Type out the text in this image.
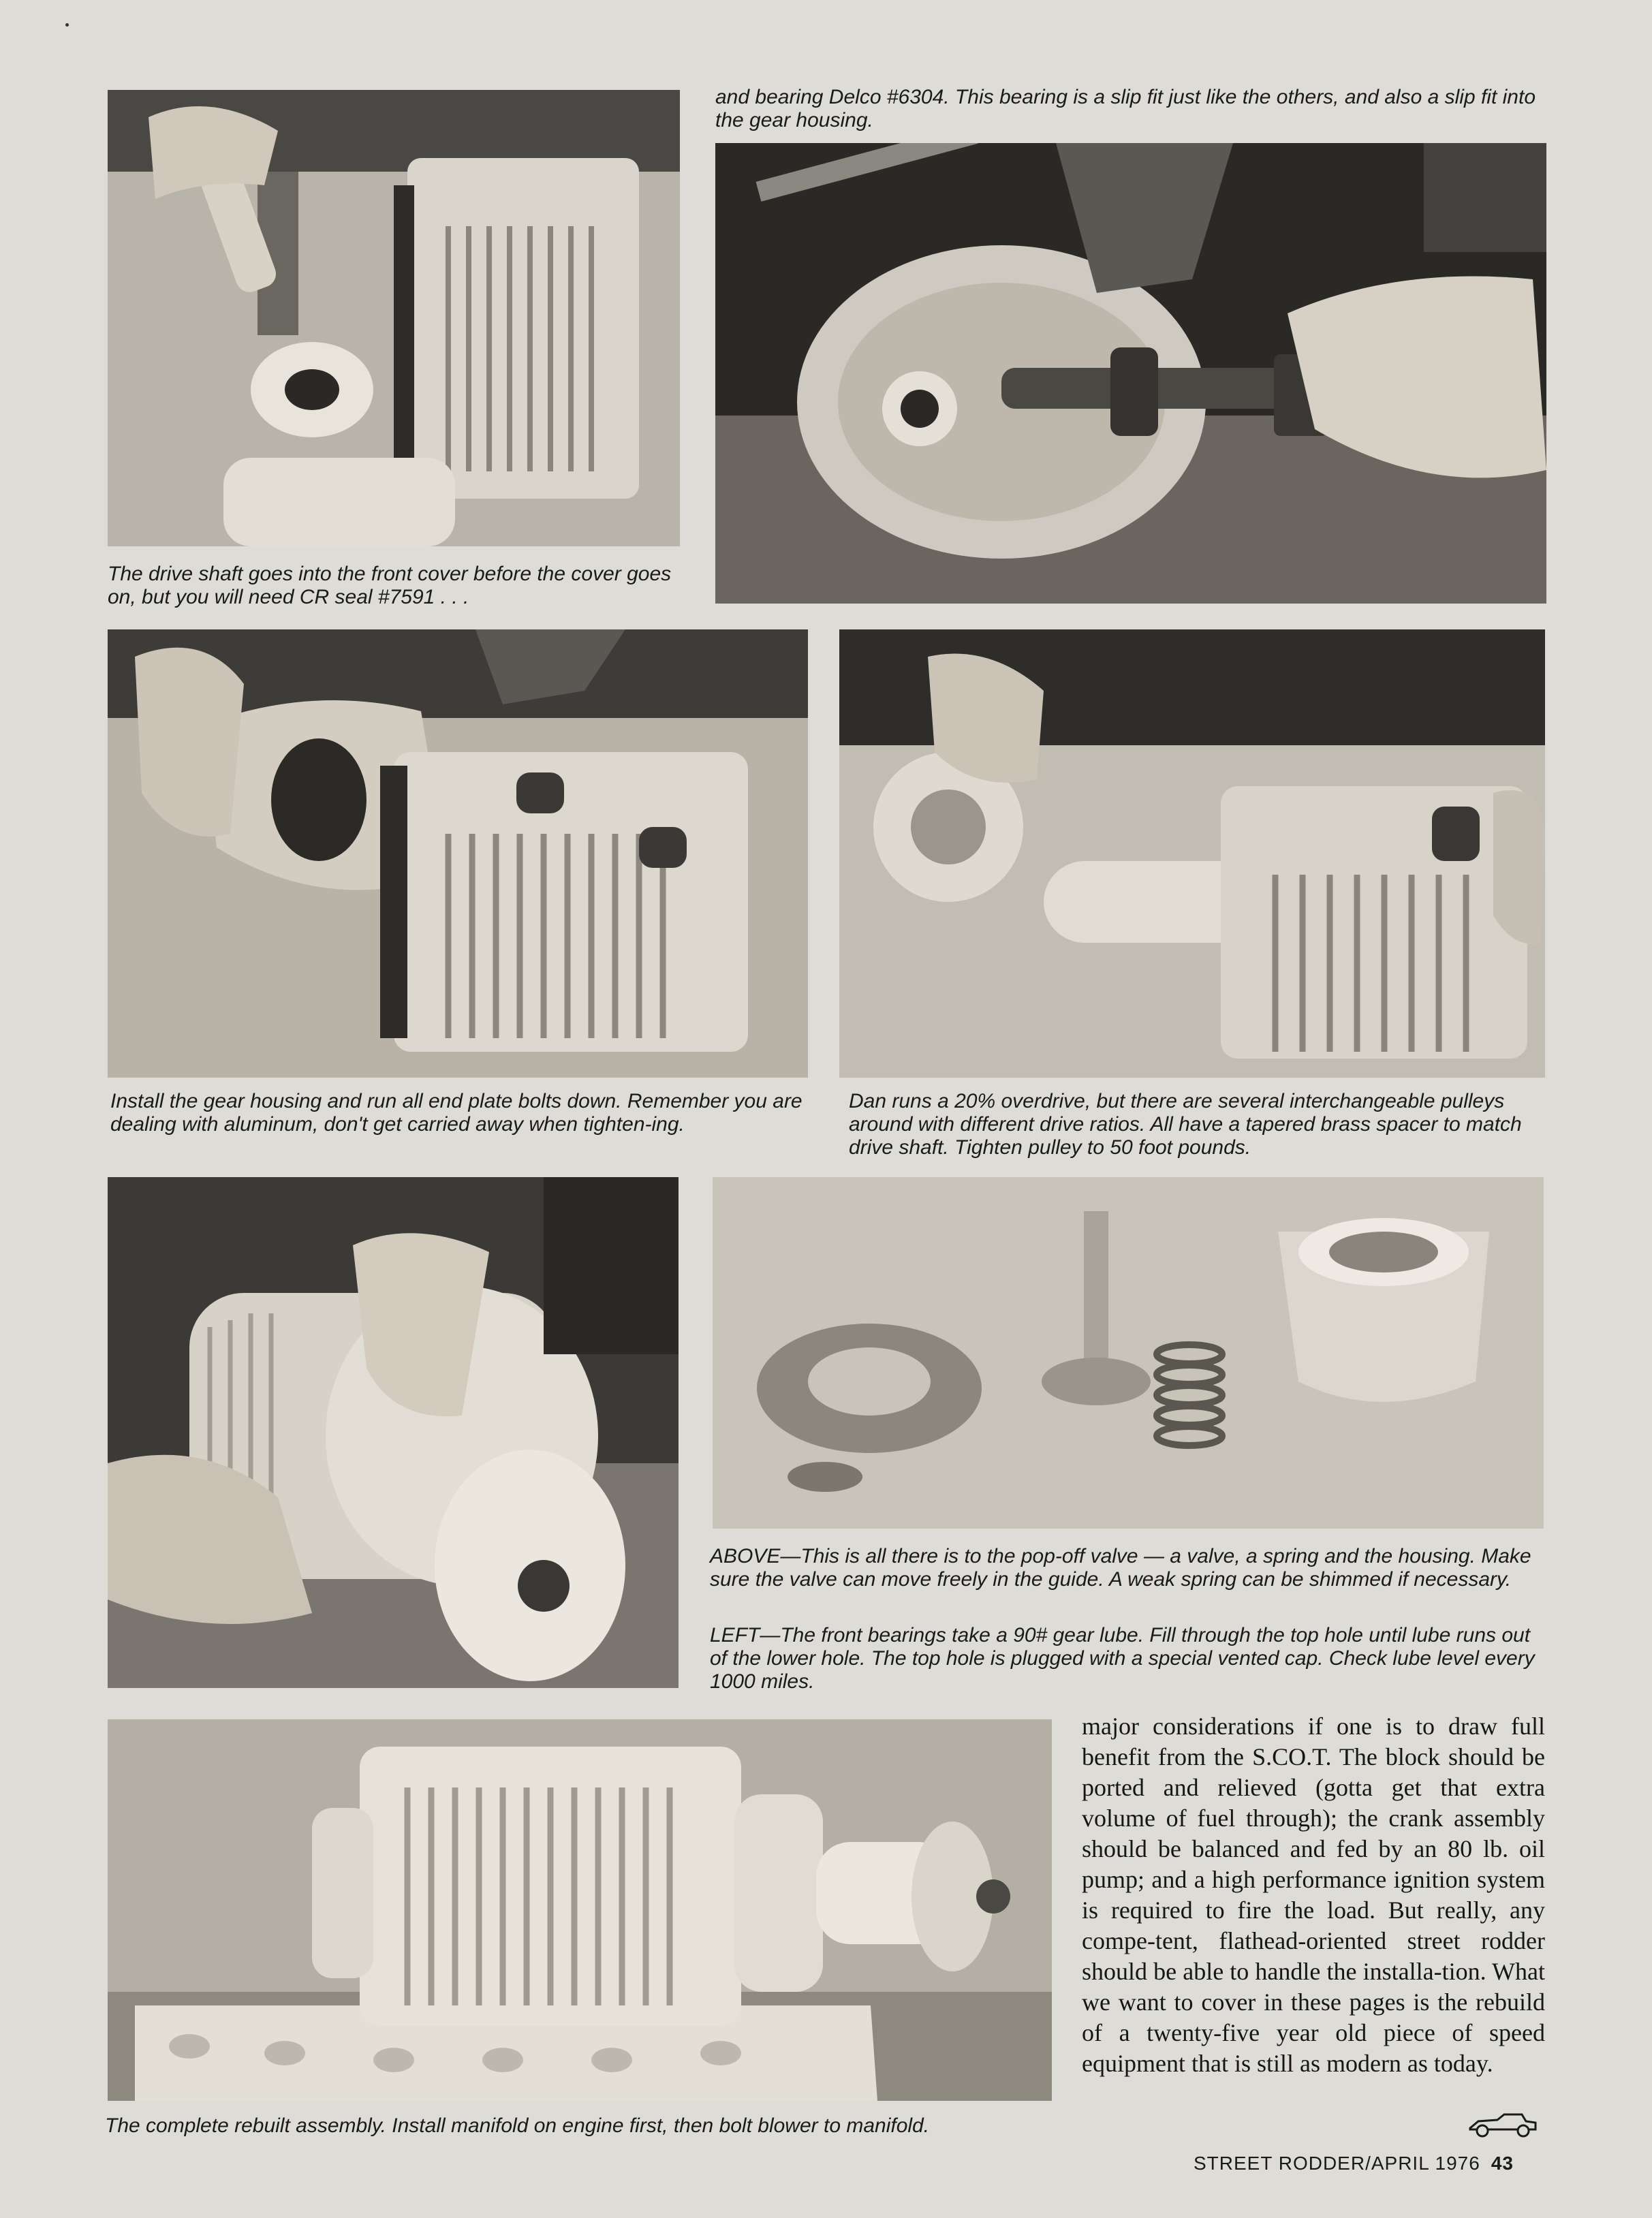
and bearing Delco #6304. This bearing is a slip fit just like the others, and also a slip fit into the gear housing.

The drive shaft goes into the front cover before the cover goes on, but you will need CR seal #7591 . . .

Install the gear housing and run all end plate bolts down. Remember you are dealing with aluminum, don't get carried away when tighten-ing.

Dan runs a 20% overdrive, but there are several interchangeable pulleys around with different drive ratios. All have a tapered brass spacer to match drive shaft. Tighten pulley to 50 foot pounds.

ABOVE—This is all there is to the pop-off valve — a valve, a spring and the housing. Make sure the valve can move freely in the guide. A weak spring can be shimmed if necessary.

LEFT—The front bearings take a 90# gear lube. Fill through the top hole until lube runs out of the lower hole. The top hole is plugged with a special vented cap. Check lube level every 1000 miles.

The complete rebuilt assembly. Install manifold on engine first, then bolt blower to manifold.

major considerations if one is to draw full benefit from the S.CO.T. The block should be ported and relieved (gotta get that extra volume of fuel through); the crank assembly should be balanced and fed by an 80 lb. oil pump; and a high performance ignition system is required to fire the load. But really, any compe-tent, flathead-oriented street rodder should be able to handle the installa-tion. What we want to cover in these pages is the rebuild of a twenty-five year old piece of speed equipment that is still as modern as today.

STREET RODDER/APRIL 1976 43
